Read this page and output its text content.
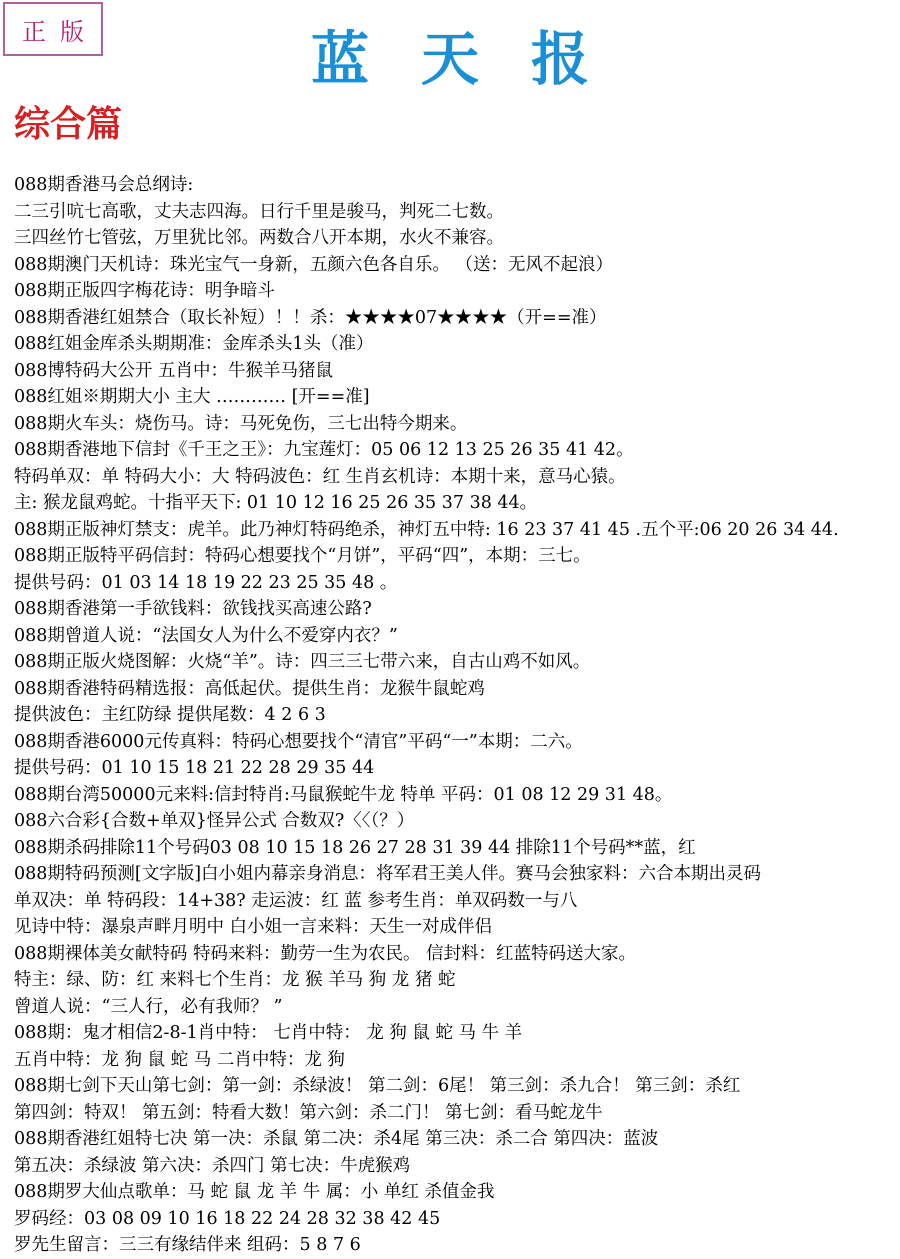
正版	蓝天报
综合篇
088期香港马会总纲诗:
二三引吭七高歌，丈夫志四海。日行千里是骏马，判死二七数。
三四丝竹七管弦，万里犹比邻。两数合八开本期，水火不兼容。
088期澳门天机诗：珠光宝气一身新，五颜六色各自乐。 （送：无风不起浪）
088期正版四字梅花诗：明争暗斗
088期香港红姐禁合（取长补短）！！杀：★★★★07★★★★（开==准）
088红姐金库杀头期期准：金库杀头1头（准）
088博特码大公开 五肖中：牛猴羊马猪鼠
088红姐※期期大小 主大 ………… [开==准]
088期火车头：烧伤马。诗：马死免伤，三七出特今期来。
088期香港地下信封《千王之王》：九宝莲灯：05 06 12 13 25 26 35 41 42。
特码单双：单 特码大小：大 特码波色：红 生肖玄机诗：本期十来，意马心猿。
主: 猴龙鼠鸡蛇。十指平天下: 01 10 12 16 25 26 35 37 38 44。
088期正版神灯禁支：虎羊。此乃神灯特码绝杀，神灯五中特: 16 23 37 41 45 .五个平:06 20 26 34 44.
088期正版特平码信封：特码心想要找个“月饼”，平码“四”，本期：三七。
提供号码：01 03 14 18 19 22 23 25 35 48 。
088期香港第一手欲钱料：欲钱找买高速公路?
088期曾道人说：“法国女人为什么不爱穿内衣？”
088期正版火烧图解：火烧“羊”。诗：四三三七带六来，自古山鸡不如风。
088期香港特码精选报：高低起伏。提供生肖：龙猴牛鼠蛇鸡
提供波色：主红防绿 提供尾数：4 2 6 3
088期香港6000元传真料：特码心想要找个“清官”平码“一”本期：二六。
提供号码：01 10 15 18 21 22 28 29 35 44
088期台湾50000元来料:信封特肖:马鼠猴蛇牛龙 特单 平码：01 08 12 29 31 48。
088六合彩{合数+单双}怪异公式 合数双?〈〈（？）
088期杀码排除11个号码03 08 10 15 18 26 27 28 31 39 44 排除11个号码**蓝，红
088期特码预测[文字版]白小姐内幕亲身消息：将军君王美人伴。赛马会独家料：六合本期出灵码
单双决：单 特码段：14+38? 走运波：红 蓝 参考生肖：单双码数一与八
见诗中特：瀑泉声畔月明中 白小姐一言来料：天生一对成伴侣
088期裸体美女献特码 特码来料：勤劳一生为农民。 信封料：红蓝特码送大家。
特主：绿、防：红 来料七个生肖：龙 猴 羊马 狗 龙 猪 蛇
曾道人说：“三人行，必有我师？ ”
088期：鬼才相信2-8-1肖中特： 七肖中特： 龙 狗 鼠 蛇 马 牛 羊
五肖中特：龙 狗 鼠 蛇 马 二肖中特：龙 狗
088期七剑下天山第七剑：第一剑：杀绿波！ 第二剑：6尾！ 第三剑：杀九合！ 第三剑：杀红
第四剑：特双！ 第五剑：特看大数！第六剑：杀二门！ 第七剑：看马蛇龙牛
088期香港红姐特七决 第一决：杀鼠 第二决：杀4尾 第三决：杀二合 第四决：蓝波
第五决：杀绿波 第六决：杀四门 第七决：牛虎猴鸡
088期罗大仙点歌单：马 蛇 鼠 龙 羊 牛 属：小 单红 杀值金我
罗码经：03 08 09 10 16 18 22 24 28 32 38 42 45
罗先生留言：三三有缘结伴来 组码：5 8 7 6
